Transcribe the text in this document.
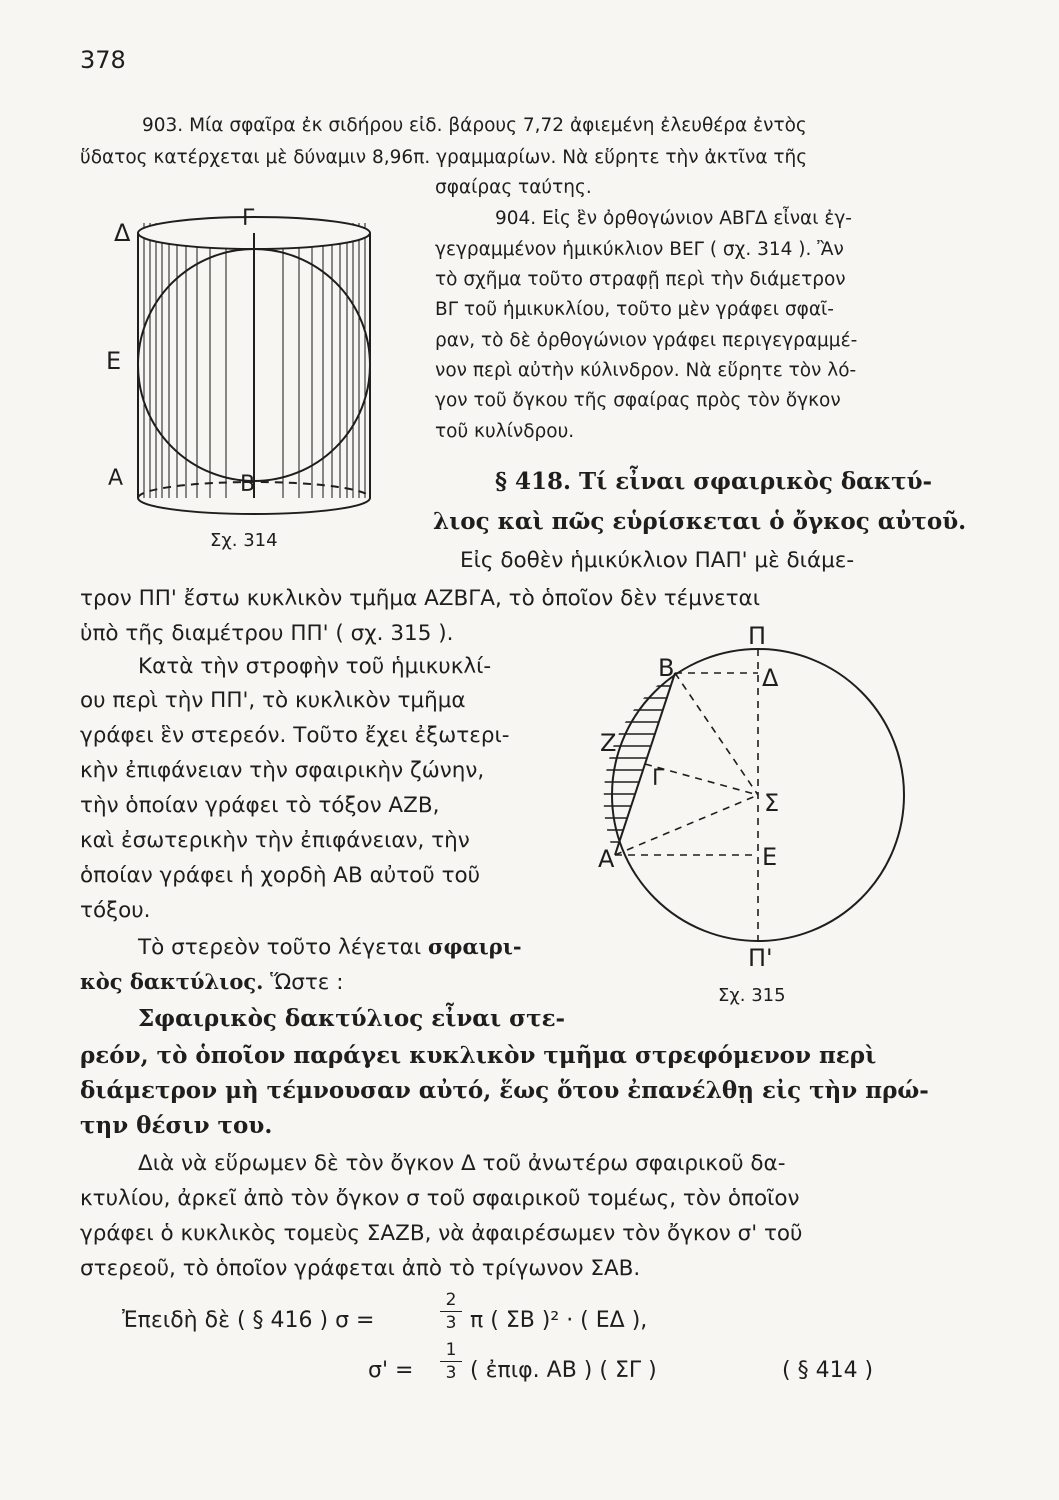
378
903. Μία σφαῖρα ἐκ σιδήρου εἰδ. βάρους 7,72 ἀφιεμένη ἐλευθέρα ἐντὸς
ὕδατος κατέρχεται μὲ δύναμιν 8,96π. γραμμαρίων. Νὰ εὕρητε τὴν ἀκτῖνα τῆς
σφαίρας ταύτης.
904. Εἰς ἓν ὀρθογώνιον ΑΒΓΔ εἶναι ἐγ-
γεγραμμένον ἡμικύκλιον ΒΕΓ ( σχ. 314 ). Ἂν
τὸ σχῆμα τοῦτο στραφῇ περὶ τὴν διάμετρον
ΒΓ τοῦ ἡμικυκλίου, τοῦτο μὲν γράφει σφαῖ-
ραν, τὸ δὲ ὀρθογώνιον γράφει περιγεγραμμέ-
νον περὶ αὐτὴν κύλινδρον. Νὰ εὕρητε τὸν λό-
γον τοῦ ὄγκου τῆς σφαίρας πρὸς τὸν ὄγκον
τοῦ κυλίνδρου.
Δ
Γ
Ε
Α	Β
Σχ. 314
§ 418. Τί εἶναι σφαιρικὸς δακτύ-
λιος καὶ πῶς εὑρίσκεται ὁ ὄγκος αὐτοῦ.
Εἰς δοθὲν ἡμικύκλιον ΠΑΠ' μὲ διάμε-
τρον ΠΠ' ἔστω κυκλικὸν τμῆμα ΑΖΒΓΑ, τὸ ὁποῖον δὲν τέμνεται
ὑπὸ τῆς διαμέτρου ΠΠ' ( σχ. 315 ).
Κατὰ τὴν στροφὴν τοῦ ἡμικυκλί-
ου περὶ τὴν ΠΠ', τὸ κυκλικὸν τμῆμα
γράφει ἓν στερεόν. Τοῦτο ἔχει ἐξωτερι-
κὴν ἐπιφάνειαν τὴν σφαιρικὴν ζώνην,
τὴν ὁποίαν γράφει τὸ τόξον ΑΖΒ,
καὶ ἐσωτερικὴν τὴν ἐπιφάνειαν, τὴν
ὁποίαν γράφει ἡ χορδὴ ΑΒ αὐτοῦ τοῦ
τόξου.
Τὸ στερεὸν τοῦτο λέγεται σφαιρι-
κὸς δακτύλιος. Ὥστε :
Σφαιρικὸς δακτύλιος εἶναι στε-
ρεόν, τὸ ὁποῖον παράγει κυκλικὸν τμῆμα στρεφόμενον περὶ
διάμετρον μὴ τέμνουσαν αὐτό, ἕως ὅτου ἐπανέλθῃ εἰς τὴν πρώ-
την θέσιν του.
Διὰ νὰ εὕρωμεν δὲ τὸν ὄγκον Δ τοῦ ἀνωτέρω σφαιρικοῦ δα-
κτυλίου, ἀρκεῖ ἀπὸ τὸν ὄγκον σ τοῦ σφαιρικοῦ τομέως, τὸν ὁποῖον
γράφει ὁ κυκλικὸς τομεὺς ΣΑΖΒ, νὰ ἀφαιρέσωμεν τὸν ὄγκον σ' τοῦ
στερεοῦ, τὸ ὁποῖον γράφεται ἀπὸ τὸ τρίγωνον ΣΑΒ.
Ἐπειδὴ δὲ ( § 416 ) σ =
2
3 π ( ΣΒ )² · ( ΕΔ ),
σ' =
1
3 ( ἐπιφ. ΑΒ ) ( ΣΓ )	( § 414 )
Π
Π'
Β	Δ
Ζ
Γ
Σ
Α	Ε
Σχ. 315
